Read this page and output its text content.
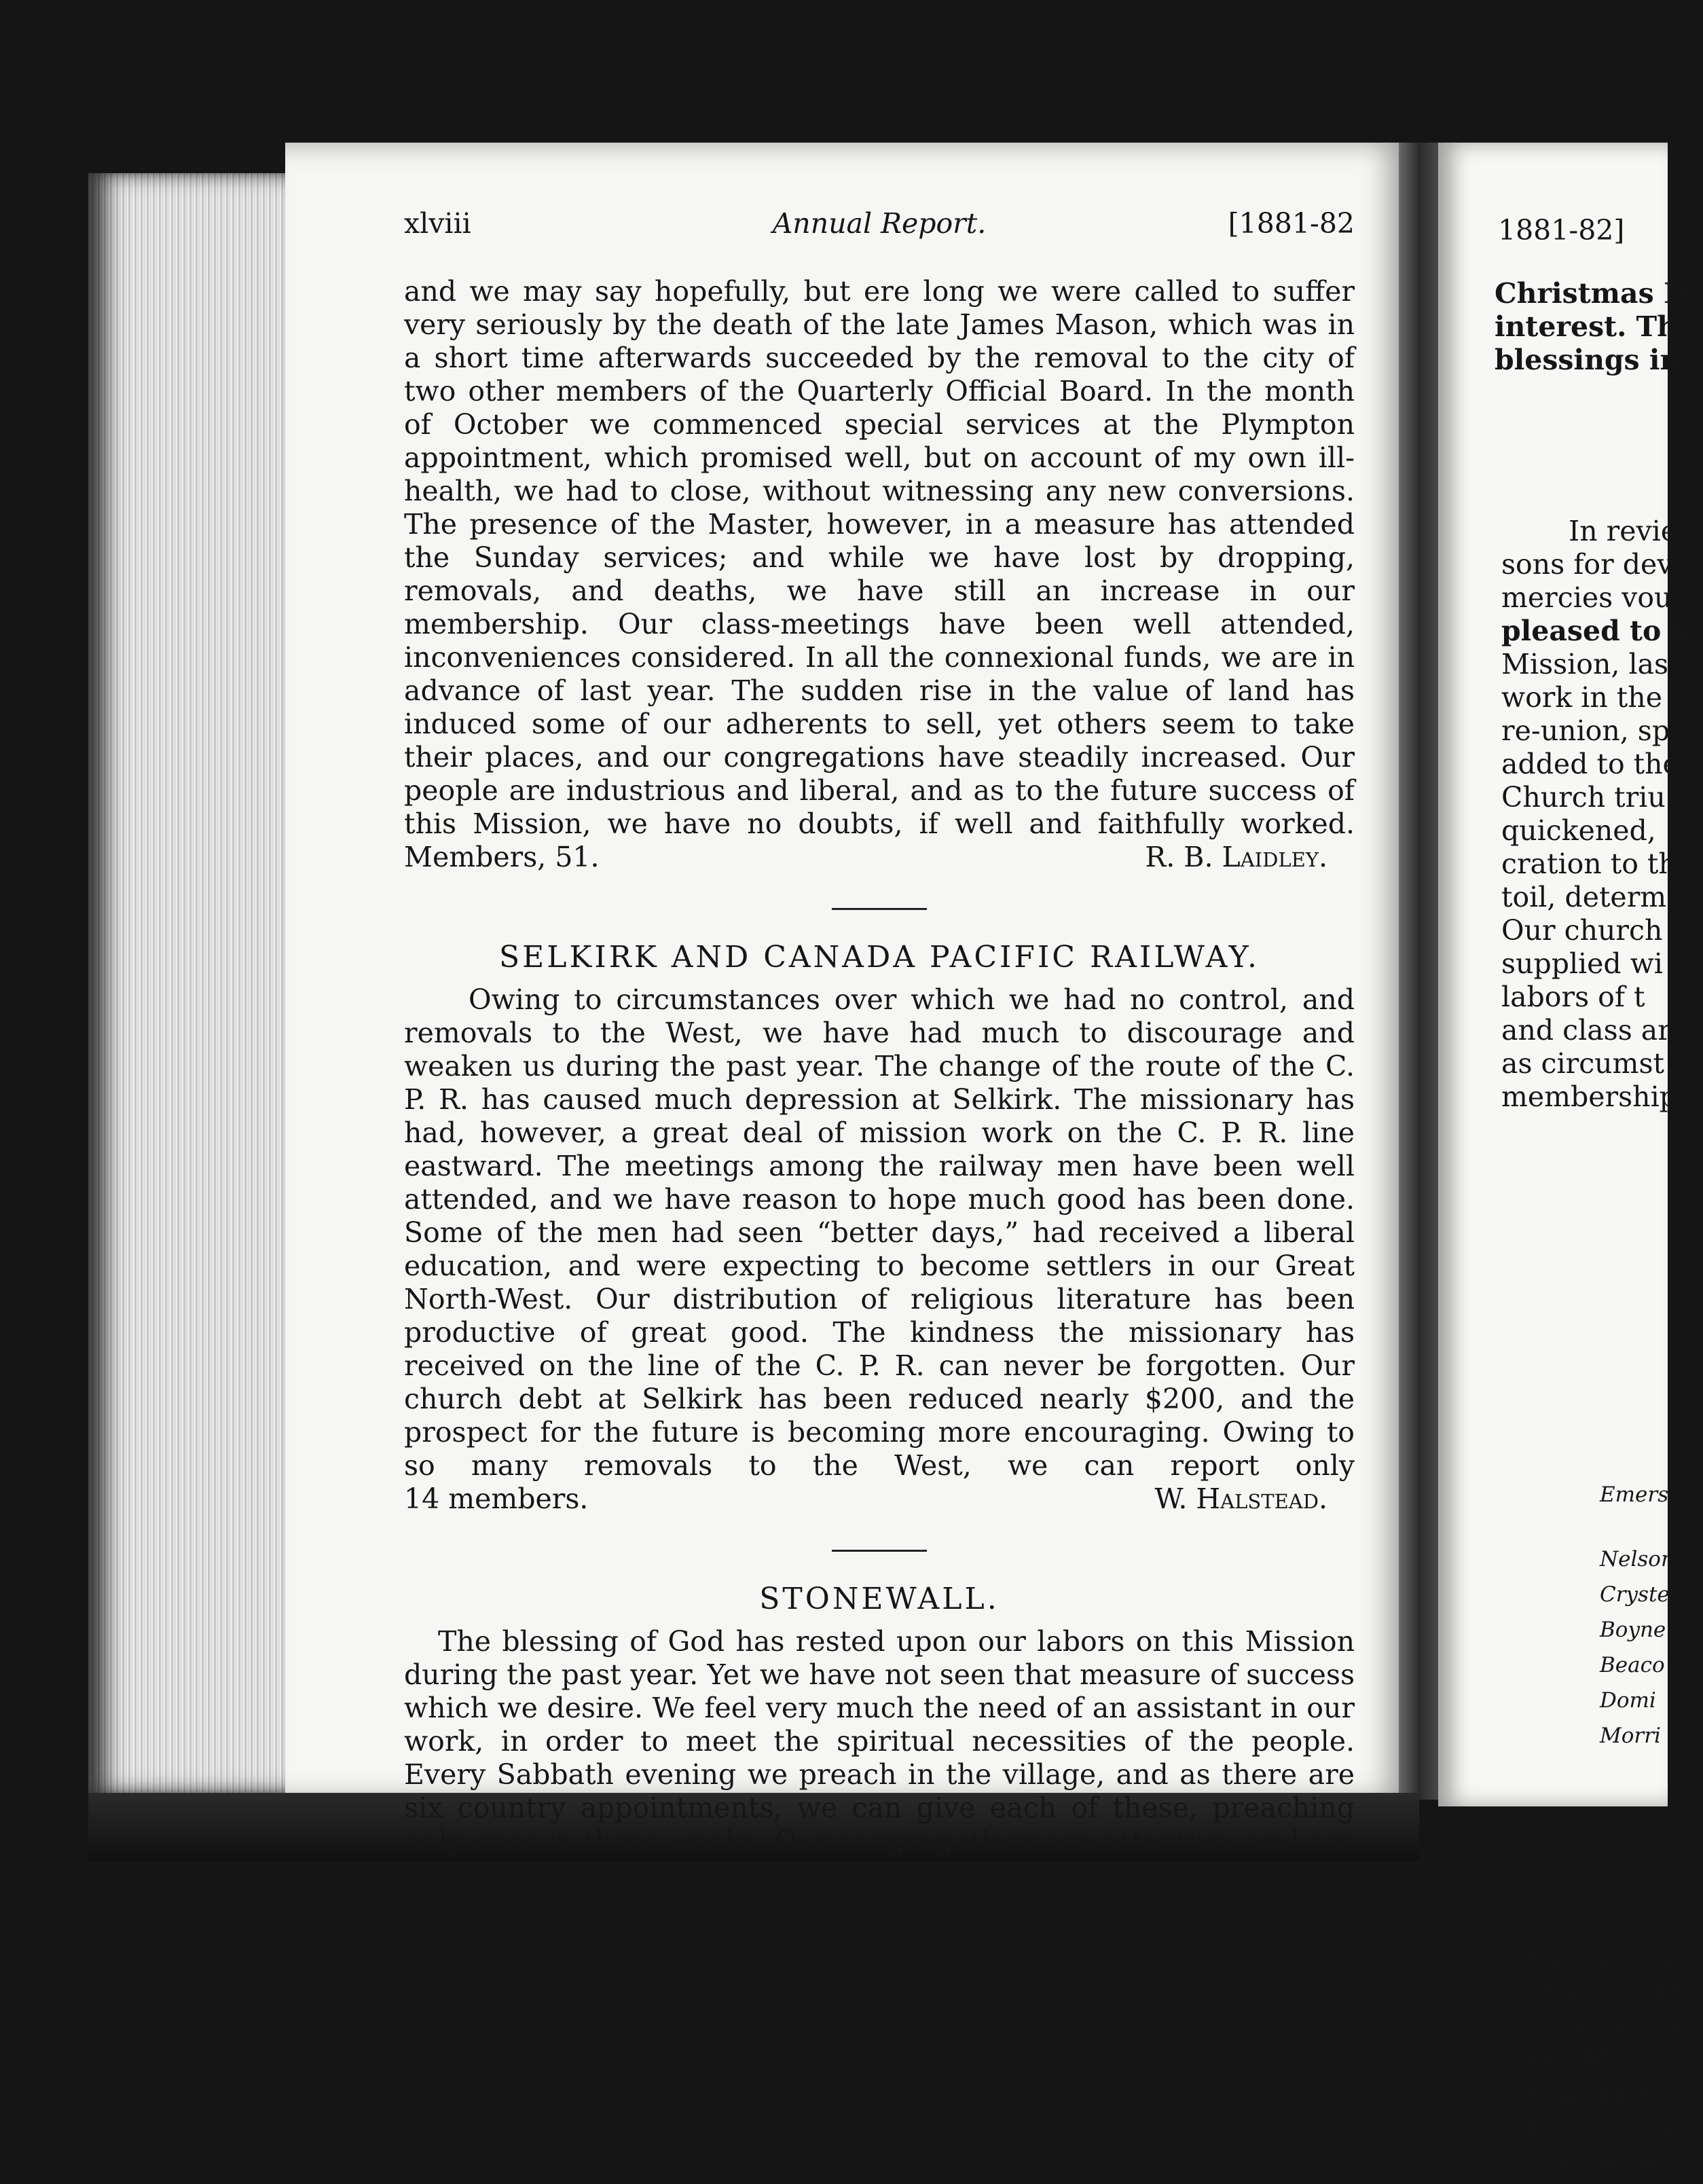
xlviii	Annual Report.	[1881-82

and we may say hopefully, but ere long we were called to suffer very seriously by the death of the late James Mason, which was in a short time afterwards succeeded by the removal to the city of two other members of the Quarterly Official Board. In the month of October we commenced special services at the Plympton appointment, which promised well, but on account of my own ill-health, we had to close, without witnessing any new conversions. The presence of the Master, however, in a measure has attended the Sunday services; and while we have lost by dropping, removals, and deaths, we have still an increase in our membership. Our class-meetings have been well attended, inconveniences considered. In all the connexional funds, we are in advance of last year. The sudden rise in the value of land has induced some of our adherents to sell, yet others seem to take their places, and our congregations have steadily increased. Our people are industrious and liberal, and as to the future success of this Mission, we have no doubts, if well and faithfully worked.

Members, 51.	R. B. Laidley.
SELKIRK AND CANADA PACIFIC RAILWAY.

Owing to circumstances over which we had no control, and removals to the West, we have had much to discourage and weaken us during the past year. The change of the route of the C. P. R. has caused much depression at Selkirk. The missionary has had, however, a great deal of mission work on the C. P. R. line eastward. The meetings among the railway men have been well attended, and we have reason to hope much good has been done. Some of the men had seen “better days,” had received a liberal education, and were expecting to become settlers in our Great North-West. Our distribution of religious literature has been productive of great good. The kindness the missionary has received on the line of the C. P. R. can never be forgotten. Our church debt at Selkirk has been reduced nearly $200, and the prospect for the future is becoming more encouraging. Owing to so many removals to the West, we can report only

14 members.	W. Halstead.
STONEWALL.

The blessing of God has rested upon our labors on this Mission during the past year. Yet we have not seen that measure of success which we desire. We feel very much the need of an assistant in our work, in order to meet the spiritual necessities of the people. Every Sabbath evening we preach in the village, and as there are six country appointments, we can give each of these, preaching only once in three weeks. Our congregations are attentive, and are increasing in numbers. In Stonewall we have not accommodation for all who wish to attend, so that we are preparing to build immediately a new church, capable of seating four hundred people. A new parsonage is now in course of erection. We are able to report an increase in all our connexional funds We opened a Sabbath-school in the village last

1881-82]
Christmas D
interest. Th
blessings in t
In revie
sons for deve
mercies vouc
pleased to b
Mission, last
work in the
re-union, sp
added to the
Church triu
quickened,
cration to th
toil, determ
Our church
supplied wi
labors of t
and class ar
as circumst
membership
Emers
Nelson
Cryste
Boyne
Beaco
Domi
Morri
In Dece
two and a
attended t
that, after
enabled t
scholars.
lots—a Ta
—a parso
